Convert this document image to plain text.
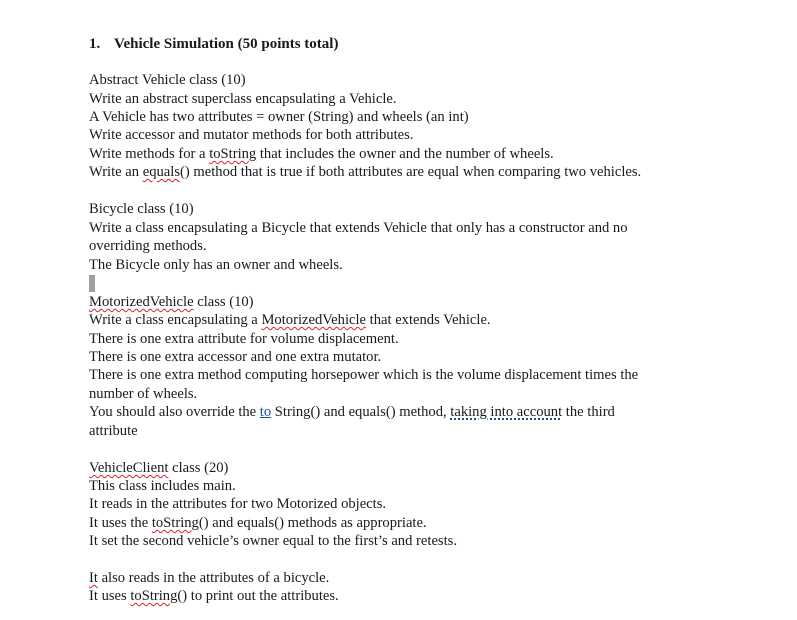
1. Vehicle Simulation (50 points total)
Abstract Vehicle class (10)
Write an abstract superclass encapsulating a Vehicle.
A Vehicle has two attributes = owner (String) and wheels (an int)
Write accessor and mutator methods for both attributes.
Write methods for a toString that includes the owner and the number of wheels.
Write an equals() method that is true if both attributes are equal when comparing two vehicles.
Bicycle class (10)
Write a class encapsulating a Bicycle that extends Vehicle that only has a constructor and no
overriding methods.
The Bicycle only has an owner and wheels.
MotorizedVehicle class (10)
Write a class encapsulating a MotorizedVehicle that extends Vehicle.
There is one extra attribute for volume displacement.
There is one extra accessor and one extra mutator.
There is one extra method computing horsepower which is the volume displacement times the
number of wheels.
You should also override the to String() and equals() method, taking into account the third
attribute
VehicleClient class (20)
This class includes main.
It reads in the attributes for two Motorized objects.
It uses the toString() and equals() methods as appropriate.
It set the second vehicle’s owner equal to the first’s and retests.
It also reads in the attributes of a bicycle.
It uses toString() to print out the attributes.
